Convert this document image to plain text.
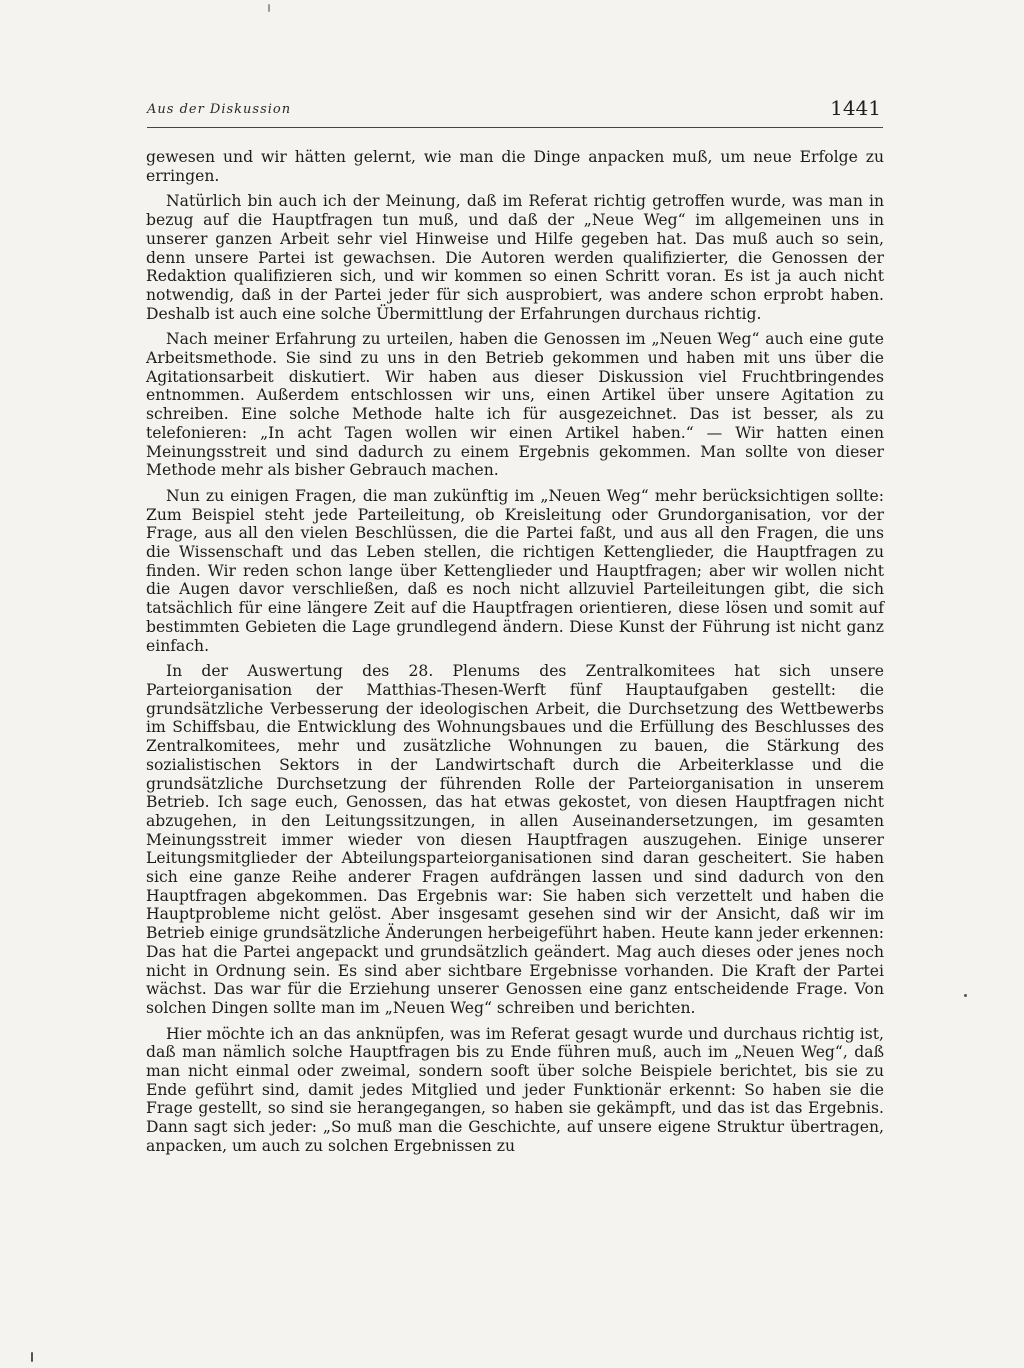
Aus der Diskussion	1441

gewesen und wir hätten gelernt, wie man die Dinge anpacken muß, um neue Erfolge zu erringen.

Natürlich bin auch ich der Meinung, daß im Referat richtig getroffen wurde, was man in bezug auf die Hauptfragen tun muß, und daß der „Neue Weg“ im allgemeinen uns in unserer ganzen Arbeit sehr viel Hinweise und Hilfe gegeben hat. Das muß auch so sein, denn unsere Partei ist gewachsen. Die Autoren werden qualifizierter, die Genossen der Redaktion qualifizieren sich, und wir kommen so einen Schritt voran. Es ist ja auch nicht notwendig, daß in der Partei jeder für sich ausprobiert, was andere schon erprobt haben. Deshalb ist auch eine solche Übermittlung der Erfahrungen durchaus richtig.

Nach meiner Erfahrung zu urteilen, haben die Genossen im „Neuen Weg“ auch eine gute Arbeitsmethode. Sie sind zu uns in den Betrieb gekommen und haben mit uns über die Agitationsarbeit diskutiert. Wir haben aus dieser Diskussion viel Fruchtbringendes entnommen. Außerdem entschlossen wir uns, einen Artikel über unsere Agitation zu schreiben. Eine solche Methode halte ich für ausgezeichnet. Das ist besser, als zu telefonieren: „In acht Tagen wollen wir einen Artikel haben.“ — Wir hatten einen Meinungsstreit und sind dadurch zu einem Ergebnis gekommen. Man sollte von dieser Methode mehr als bisher Gebrauch machen.

Nun zu einigen Fragen, die man zukünftig im „Neuen Weg“ mehr berücksichtigen sollte: Zum Beispiel steht jede Parteileitung, ob Kreisleitung oder Grundorganisation, vor der Frage, aus all den vielen Beschlüssen, die die Partei faßt, und aus all den Fragen, die uns die Wissenschaft und das Leben stellen, die richtigen Kettenglieder, die Hauptfragen zu finden. Wir reden schon lange über Kettenglieder und Hauptfragen; aber wir wollen nicht die Augen davor verschließen, daß es noch nicht allzuviel Parteileitungen gibt, die sich tatsächlich für eine längere Zeit auf die Hauptfragen orientieren, diese lösen und somit auf bestimmten Gebieten die Lage grundlegend ändern. Diese Kunst der Führung ist nicht ganz einfach.

In der Auswertung des 28. Plenums des Zentralkomitees hat sich unsere Parteiorganisation der Matthias-Thesen-Werft fünf Hauptaufgaben gestellt: die grundsätzliche Verbesserung der ideologischen Arbeit, die Durchsetzung des Wettbewerbs im Schiffsbau, die Entwicklung des Wohnungsbaues und die Erfüllung des Beschlusses des Zentralkomitees, mehr und zusätzliche Wohnungen zu bauen, die Stärkung des sozialistischen Sektors in der Landwirtschaft durch die Arbeiterklasse und die grundsätzliche Durchsetzung der führenden Rolle der Parteiorganisation in unserem Betrieb. Ich sage euch, Genossen, das hat etwas gekostet, von diesen Hauptfragen nicht abzugehen, in den Leitungssitzungen, in allen Auseinandersetzungen, im gesamten Meinungsstreit immer wieder von diesen Hauptfragen auszugehen. Einige unserer Leitungsmitglieder der Abteilungsparteiorganisationen sind daran gescheitert. Sie haben sich eine ganze Reihe anderer Fragen aufdrängen lassen und sind dadurch von den Hauptfragen abgekommen. Das Ergebnis war: Sie haben sich verzettelt und haben die Hauptprobleme nicht gelöst. Aber insgesamt gesehen sind wir der Ansicht, daß wir im Betrieb einige grundsätzliche Änderungen herbeigeführt haben. Heute kann jeder erkennen: Das hat die Partei angepackt und grundsätzlich geändert. Mag auch dieses oder jenes noch nicht in Ordnung sein. Es sind aber sichtbare Ergebnisse vorhanden. Die Kraft der Partei wächst. Das war für die Erziehung unserer Genossen eine ganz entscheidende Frage. Von solchen Dingen sollte man im „Neuen Weg“ schreiben und berichten.

Hier möchte ich an das anknüpfen, was im Referat gesagt wurde und durchaus richtig ist, daß man nämlich solche Hauptfragen bis zu Ende führen muß, auch im „Neuen Weg“, daß man nicht einmal oder zweimal, sondern sooft über solche Beispiele berichtet, bis sie zu Ende geführt sind, damit jedes Mitglied und jeder Funktionär erkennt: So haben sie die Frage gestellt, so sind sie herangegangen, so haben sie gekämpft, und das ist das Ergebnis. Dann sagt sich jeder: „So muß man die Geschichte, auf unsere eigene Struktur übertragen, anpacken, um auch zu solchen Ergebnissen zu
